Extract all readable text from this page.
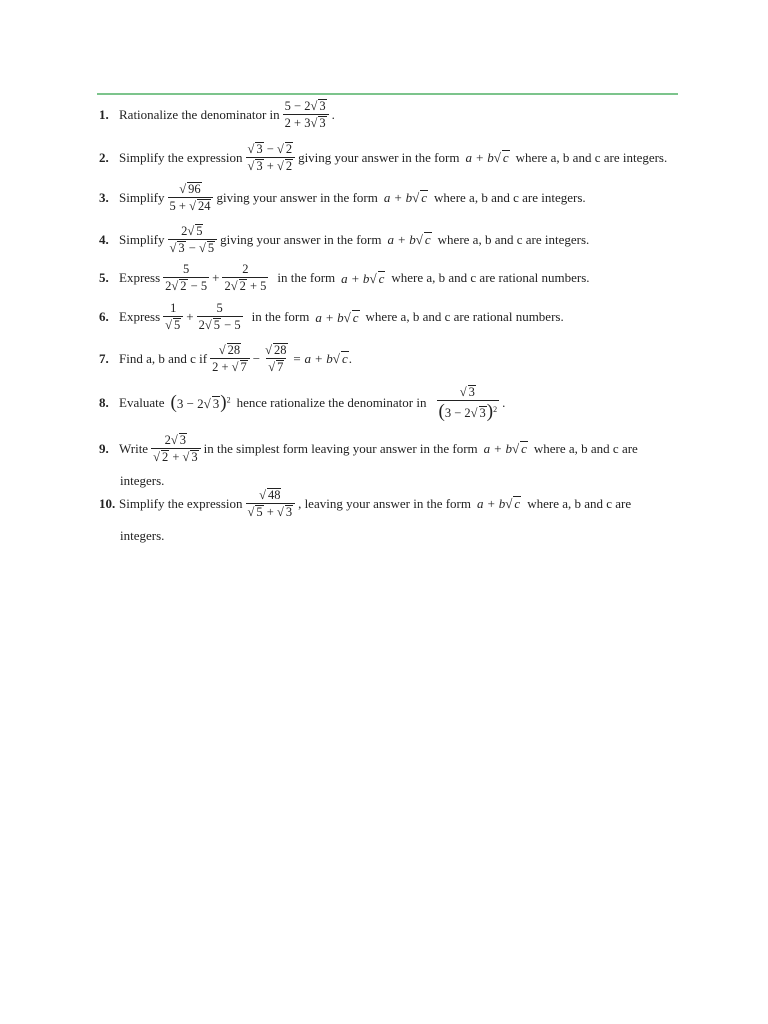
1. Rationalize the denominator in $\frac{5 - 2√ 3}{2 + 3√ 3}$ .
2. Simplify the expression $\frac{√ 3 - √ 2}{√ 3 + √ 2}$ giving your answer in the form a + b√ c where a, b and c are integers.
3. Simplify $\frac{√ 96}{5 + √ 24}$ giving your answer in the form a + b√ c where a, b and c are integers.
4. Simplify $\frac{2√ 5}{√ 3 - √ 5}$ giving your answer in the form a + b√ c where a, b and c are integers.
5. Express $\frac{5}{2√ 2 - 5} + \frac{2}{2√ 2 + 5}$ in the form a + b√ c where a, b and c are rational numbers.
6. Express $\frac{1}{√ 5} + \frac{5}{2√ 5 - 5}$ in the form a + b√ c where a, b and c are rational numbers.
7. Find a, b and c if $\frac{√ 28}{2 + √ 7} - \frac{√ 28}{√ 7} = a + b√$ c .
8. Evaluate (3 − 2√ 3)$^2$ hence rationalize the denominator in $\frac{√ 3}{(3 - 2√ 3)^2}$ .
9. Write $\frac{2√ 3}{√ 2 + √ 3}$ in the simplest form leaving your answer in the form a + b√ c where a, b and c are
integers.
10. Simplify the expression $\frac{√ 48}{√ 5 + √ 3}$ , leaving your answer in the form a + b√ c where a, b and c are
integers.
